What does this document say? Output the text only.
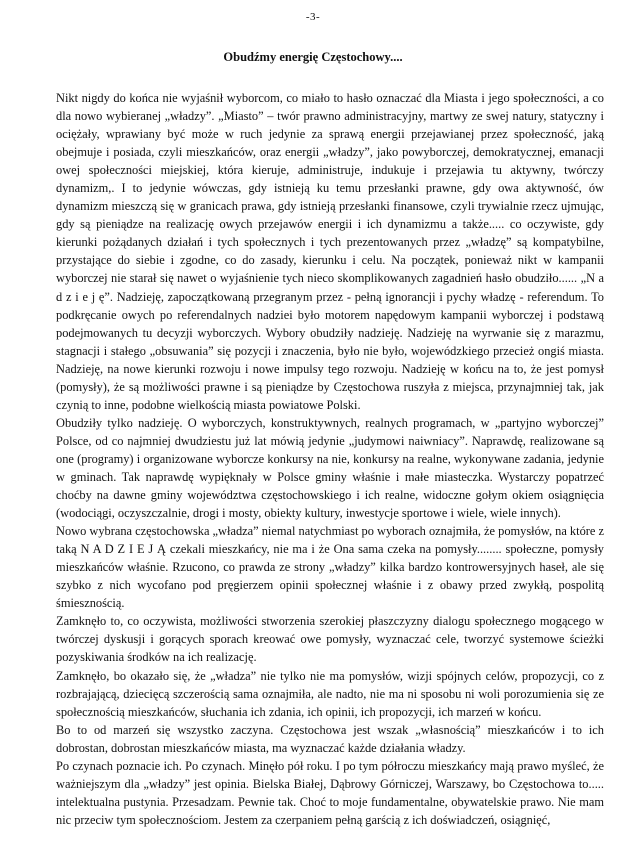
-3-
Obudźmy energię Częstochowy....

Nikt nigdy do końca nie wyjaśnił wyborcom, co miało to hasło oznaczać dla Miasta i jego społeczności, a co dla nowo wybieranej „władzy”. „Miasto” – twór prawno administracyjny, martwy ze swej natury, statyczny i ociężały, wprawiany być może w ruch jedynie za sprawą energii przejawianej przez społeczność, jaką obejmuje i posiada, czyli mieszkańców, oraz energii „władzy”, jako powyborczej, demokratycznej, emanacji owej społeczności miejskiej, która kieruje, administruje, indukuje i przejawia tu aktywny, twórczy dynamizm,. I to jedynie wówczas, gdy istnieją ku temu przesłanki prawne, gdy owa aktywność, ów dynamizm mieszczą się w granicach prawa, gdy istnieją przesłanki finansowe, czyli trywialnie rzecz ujmując, gdy są pieniądze na realizację owych przejawów energii i ich dynamizmu a także..... co oczywiste, gdy kierunki pożądanych działań i tych społecznych i tych prezentowanych przez „władzę” są kompatybilne, przystające do siebie i zgodne, co do zasady, kierunku i celu. Na początek, ponieważ nikt w kampanii wyborczej nie starał się nawet o wyjaśnienie tych nieco skomplikowanych zagadnień hasło obudziło...... „N a d z i e j ę”. Nadzieję, zapoczątkowaną przegranym przez - pełną ignorancji i pychy władzę - referendum. To podkręcanie owych po referendalnych nadziei było motorem napędowym kampanii wyborczej i podstawą podejmowanych tu decyzji wyborczych. Wybory obudziły nadzieję. Nadzieję na wyrwanie się z marazmu, stagnacji i stałego „obsuwania” się pozycji i znaczenia, było nie było, wojewódzkiego przecież ongiś miasta. Nadzieję, na nowe kierunki rozwoju i nowe impulsy tego rozwoju. Nadzieję w końcu na to, że jest pomysł (pomysły), że są możliwości prawne i są pieniądze by Częstochowa ruszyła z miejsca, przynajmniej tak, jak czynią to inne, podobne wielkością miasta powiatowe Polski.

Obudziły tylko nadzieję. O wyborczych, konstruktywnych, realnych programach, w „partyjno wyborczej” Polsce, od co najmniej dwudziestu już lat mówią jedynie „judymowi naiwniacy”. Naprawdę, realizowane są one (programy) i organizowane wyborcze konkursy na nie, konkursy na realne, wykonywane zadania, jedynie w gminach. Tak naprawdę wypięknały w Polsce gminy właśnie i małe miasteczka. Wystarczy popatrzeć choćby na dawne gminy województwa częstochowskiego i ich realne, widoczne gołym okiem osiągnięcia (wodociągi, oczyszczalnie, drogi i mosty, obiekty kultury, inwestycje sportowe i wiele, wiele innych).

Nowo wybrana częstochowska „władza” niemal natychmiast po wyborach oznajmiła, że pomysłów, na które z taką N A D Z I E J Ą czekali mieszkańcy, nie ma i że Ona sama czeka na pomysły........ społeczne, pomysły mieszkańców właśnie. Rzucono, co prawda ze strony „władzy” kilka bardzo kontrowersyjnych haseł, ale się szybko z nich wycofano pod pręgierzem opinii społecznej właśnie i z obawy przed zwykłą, pospolitą śmiesznością.

Zamknęło to, co oczywista, możliwości stworzenia szerokiej płaszczyzny dialogu społecznego mogącego w twórczej dyskusji i gorących sporach kreować owe pomysły, wyznaczać cele, tworzyć systemowe ścieżki pozyskiwania środków na ich realizację.

Zamknęło, bo okazało się, że „władza” nie tylko nie ma pomysłów, wizji spójnych celów, propozycji, co z rozbrajającą, dziecięcą szczerością sama oznajmiła, ale nadto, nie ma ni sposobu ni woli porozumienia się ze społecznością mieszkańców, słuchania ich zdania, ich opinii, ich propozycji, ich marzeń w końcu.

Bo to od marzeń się wszystko zaczyna. Częstochowa jest wszak „własnością” mieszkańców i to ich dobrostan, dobrostan mieszkańców miasta, ma wyznaczać każde działania władzy.

Po czynach poznacie ich. Po czynach. Minęło pół roku. I po tym półroczu mieszkańcy mają prawo myśleć, że ważniejszym dla „władzy” jest opinia. Bielska Białej, Dąbrowy Górniczej, Warszawy, bo Częstochowa to..... intelektualna pustynia. Przesadzam. Pewnie tak. Choć to moje fundamentalne, obywatelskie prawo. Nie mam nic przeciw tym społecznościom. Jestem za czerpaniem pełną garścią z ich doświadczeń, osiągnięć,
